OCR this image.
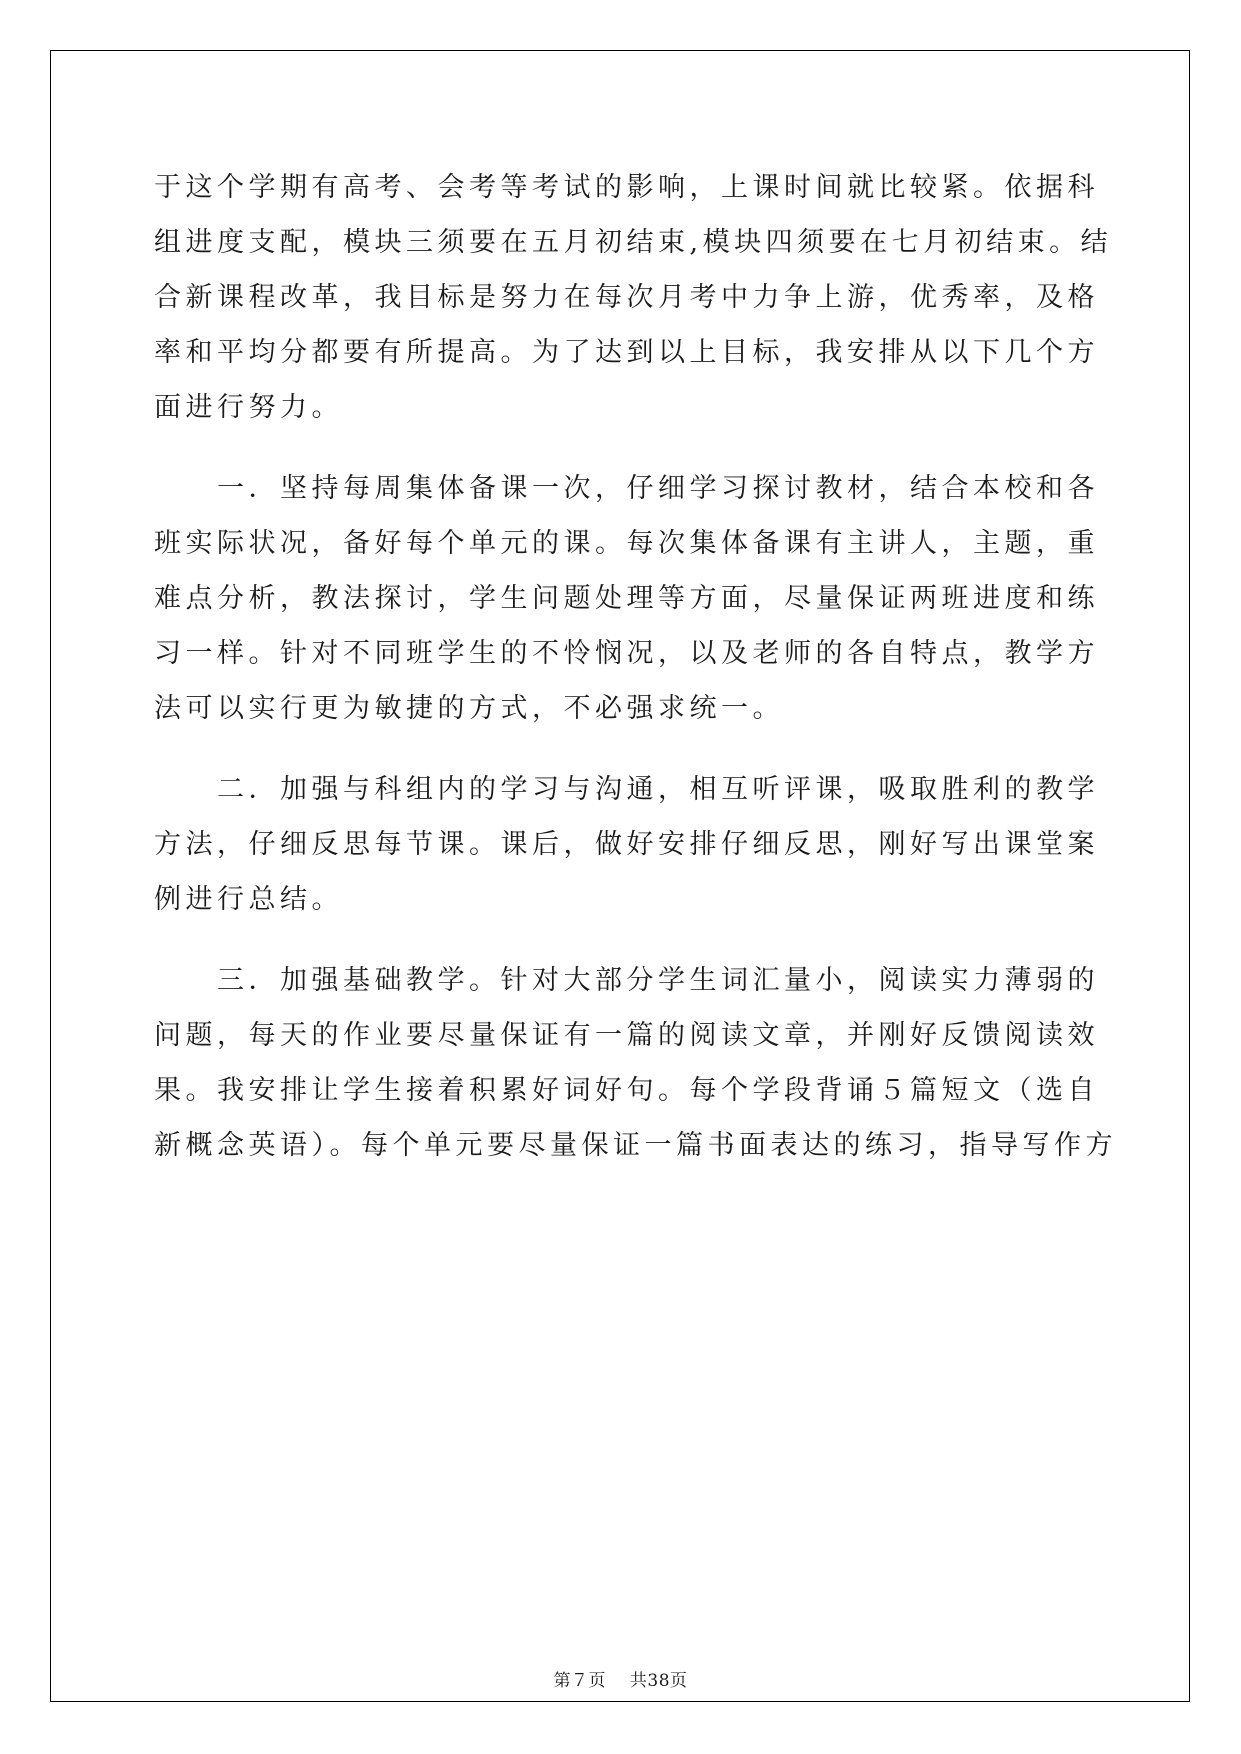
于这个学期有高考、会考等考试的影响，上课时间就比较紧。依据科
组进度支配，模块三须要在五月初结束,模块四须要在七月初结束。结
合新课程改革，我目标是努力在每次月考中力争上游，优秀率，及格
率和平均分都要有所提高。为了达到以上目标，我安排从以下几个方
面进行努力。
　　一．坚持每周集体备课一次，仔细学习探讨教材，结合本校和各
班实际状况，备好每个单元的课。每次集体备课有主讲人，主题，重
难点分析，教法探讨，学生问题处理等方面，尽量保证两班进度和练
习一样。针对不同班学生的不怜悯况，以及老师的各自特点，教学方
法可以实行更为敏捷的方式，不必强求统一。
　　二．加强与科组内的学习与沟通，相互听评课，吸取胜利的教学
方法，仔细反思每节课。课后，做好安排仔细反思，刚好写出课堂案
例进行总结。
　　三．加强基础教学。针对大部分学生词汇量小，阅读实力薄弱的
问题，每天的作业要尽量保证有一篇的阅读文章，并刚好反馈阅读效
果。我安排让学生接着积累好词好句。每个学段背诵５篇短文（选自
新概念英语）。每个单元要尽量保证一篇书面表达的练习，指导写作方
第７页 共38页
